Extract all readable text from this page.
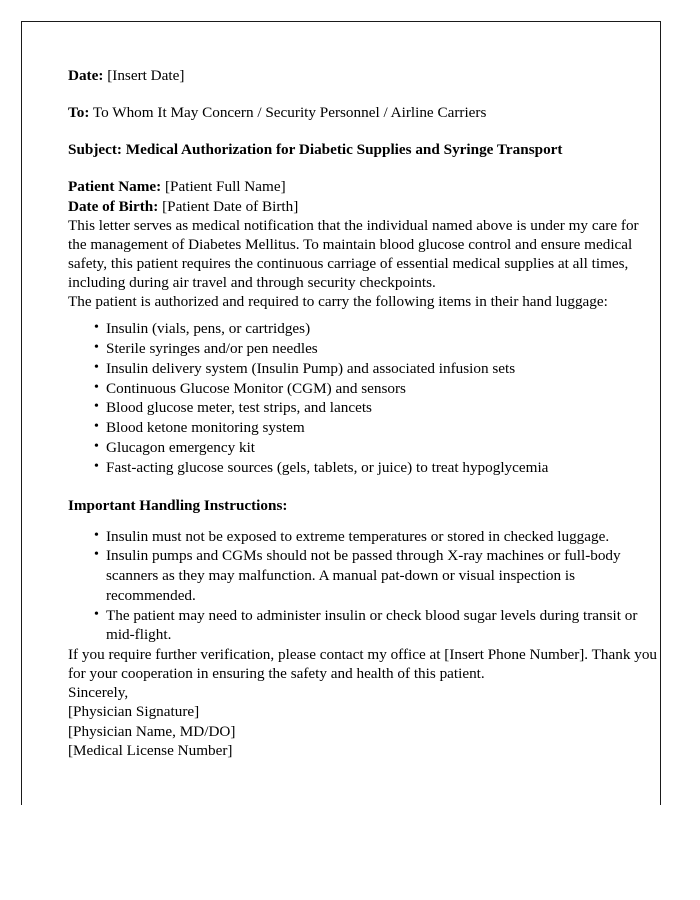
Date: [Insert Date]
To: To Whom It May Concern / Security Personnel / Airline Carriers
Subject: Medical Authorization for Diabetic Supplies and Syringe Transport
Patient Name: [Patient Full Name]
Date of Birth: [Patient Date of Birth]

This letter serves as medical notification that the individual named above is under my care for the management of Diabetes Mellitus. To maintain blood glucose control and ensure medical safety, this patient requires the continuous carriage of essential medical supplies at all times, including during air travel and through security checkpoints.

The patient is authorized and required to carry the following items in their hand luggage:

• Insulin (vials, pens, or cartridges)
• Sterile syringes and/or pen needles
• Insulin delivery system (Insulin Pump) and associated infusion sets
• Continuous Glucose Monitor (CGM) and sensors
• Blood glucose meter, test strips, and lancets
• Blood ketone monitoring system
• Glucagon emergency kit
• Fast-acting glucose sources (gels, tablets, or juice) to treat hypoglycemia
Important Handling Instructions:
• Insulin must not be exposed to extreme temperatures or stored in checked luggage.
• Insulin pumps and CGMs should not be passed through X-ray machines or full-body scanners as they may malfunction. A manual pat-down or visual inspection is recommended.
• The patient may need to administer insulin or check blood sugar levels during transit or mid-flight.

If you require further verification, please contact my office at [Insert Phone Number]. Thank you for your cooperation in ensuring the safety and health of this patient.

Sincerely,

[Physician Signature]

[Physician Name, MD/DO]

[Medical License Number]
